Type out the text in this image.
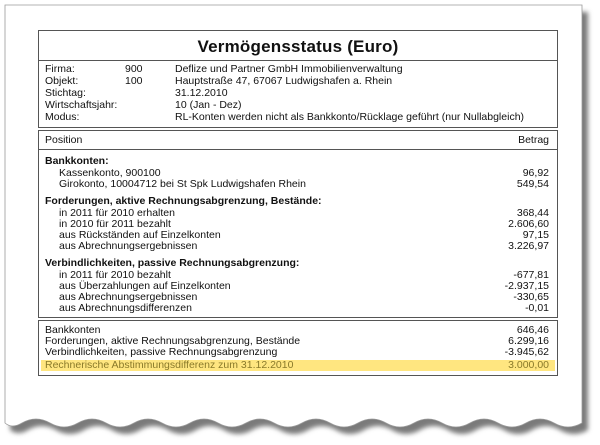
Vermögensstatus (Euro)
Firma:	900	Deflize und Partner GmbH Immobilienverwaltung
Objekt:	100	Hauptstraße 47, 67067 Ludwigshafen a. Rhein
Stichtag:	31.12.2010
Wirtschaftsjahr:	10 (Jan - Dez)
Modus:	RL-Konten werden nicht als Bankkonto/Rücklage geführt (nur Nullabgleich)
Position	Betrag
Bankkonten:
Kassenkonto, 900100	96,92
Girokonto, 10004712 bei St Spk Ludwigshafen Rhein	549,54
Forderungen, aktive Rechnungsabgrenzung, Bestände:
in 2011 für 2010 erhalten	368,44
in 2010 für 2011 bezahlt	2.606,60
aus Rückständen auf Einzelkonten	97,15
aus Abrechnungsergebnissen	3.226,97
Verbindlichkeiten, passive Rechnungsabgrenzung:
in 2011 für 2010 bezahlt	-677,81
aus Überzahlungen auf Einzelkonten	-2.937,15
aus Abrechnungsergebnissen	-330,65
aus Abrechnungsdifferenzen	-0,01
Bankkonten	646,46
Forderungen, aktive Rechnungsabgrenzung, Bestände	6.299,16
Verbindlichkeiten, passive Rechnungsabgrenzung	-3.945,62
Rechnerische Abstimmungsdifferenz zum 31.12.2010	3.000,00
